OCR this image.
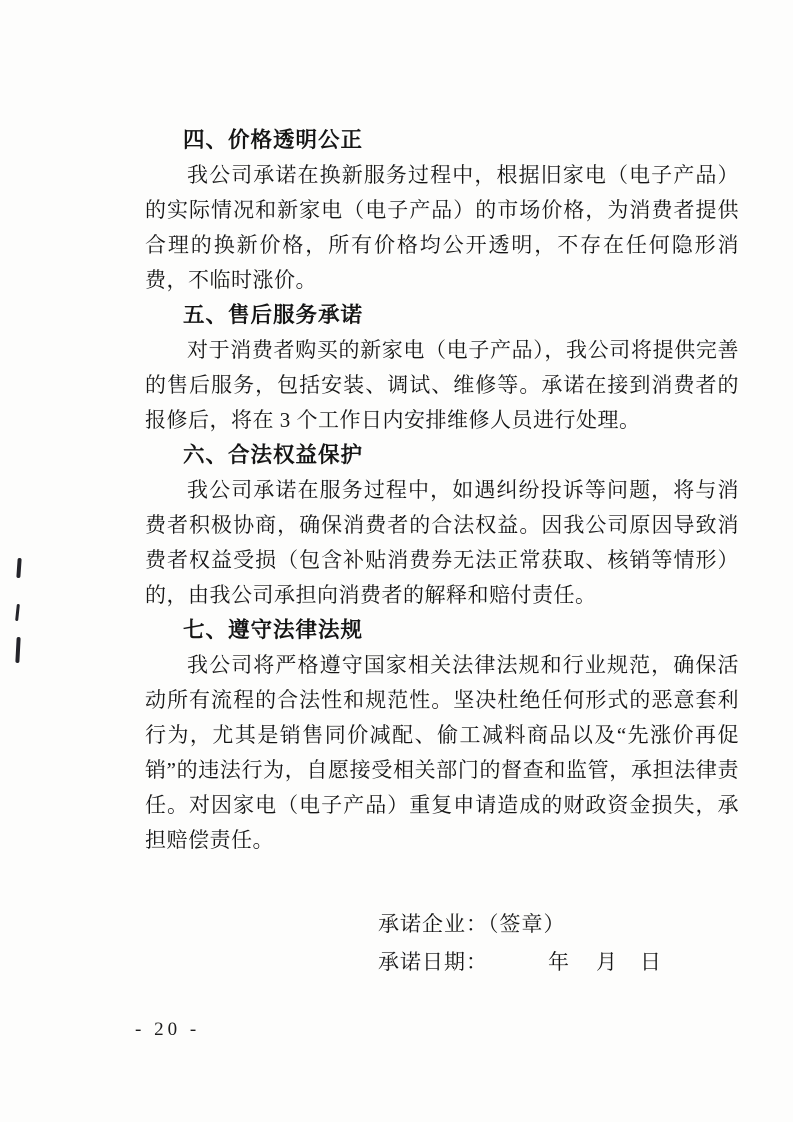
四、价格透明公正

我公司承诺在换新服务过程中，根据旧家电（电子产品）的实际情况和新家电（电子产品）的市场价格，为消费者提供合理的换新价格，所有价格均公开透明，不存在任何隐形消费，不临时涨价。

五、售后服务承诺

对于消费者购买的新家电（电子产品），我公司将提供完善的售后服务，包括安装、调试、维修等。承诺在接到消费者的报修后，将在 3 个工作日内安排维修人员进行处理。

六、合法权益保护

我公司承诺在服务过程中，如遇纠纷投诉等问题，将与消费者积极协商，确保消费者的合法权益。因我公司原因导致消费者权益受损（包含补贴消费券无法正常获取、核销等情形）的，由我公司承担向消费者的解释和赔付责任。

七、遵守法律法规

我公司将严格遵守国家相关法律法规和行业规范，确保活动所有流程的合法性和规范性。坚决杜绝任何形式的恶意套利行为，尤其是销售同价减配、偷工减料商品以及“先涨价再促销”的违法行为，自愿接受相关部门的督查和监管，承担法律责任。对因家电（电子产品）重复申请造成的财政资金损失，承担赔偿责任。

承诺企业：（签章）
承诺日期：	年 月 日
- 20 -
